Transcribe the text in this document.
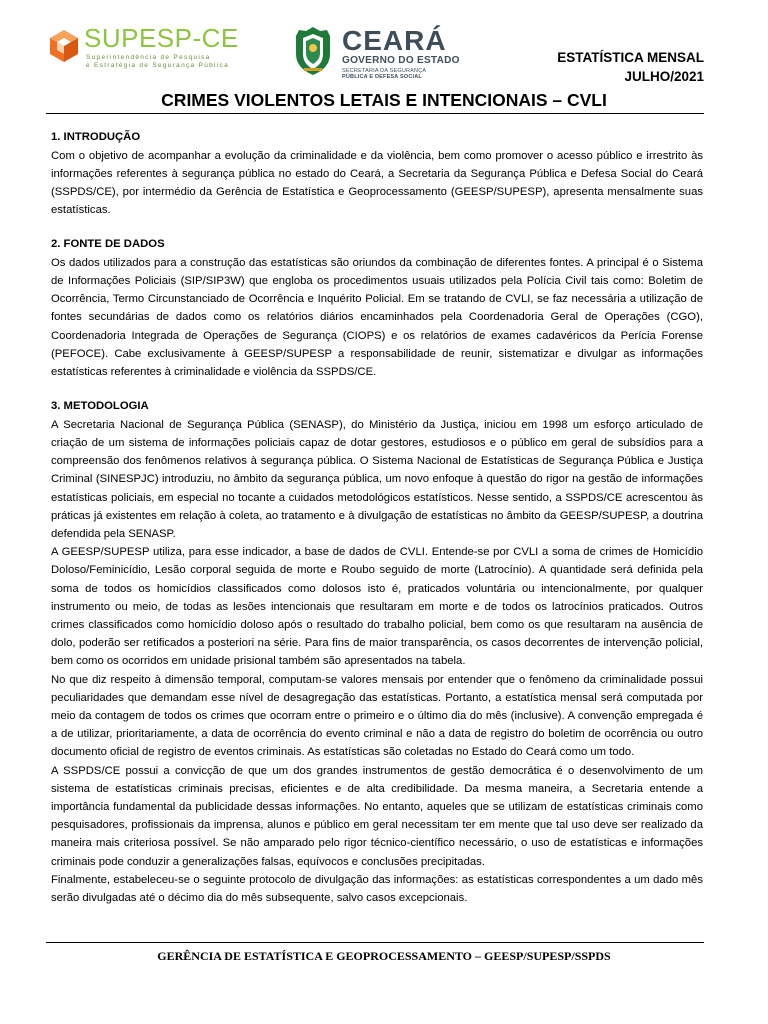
SUPESP-CE
Superintendência de Pesquisa
e Estratégia de Segurança Pública
CEARÁ
GOVERNO DO ESTADO
SECRETARIA DA SEGURANÇA
PÚBLICA E DEFESA SOCIAL
ESTATÍSTICA MENSAL
JULHO/2021
CRIMES VIOLENTOS LETAIS E INTENCIONAIS – CVLI

1. INTRODUÇÃO

Com o objetivo de acompanhar a evolução da criminalidade e da violência, bem como promover o acesso público e irrestrito às informações referentes à segurança pública no estado do Ceará, a Secretaria da Segurança Pública e Defesa Social do Ceará (SSPDS/CE), por intermédio da Gerência de Estatística e Geoprocessamento (GEESP/SUPESP), apresenta mensalmente suas estatísticas.

2. FONTE DE DADOS

Os dados utilizados para a construção das estatísticas são oriundos da combinação de diferentes fontes. A principal é o Sistema de Informações Policiais (SIP/SIP3W) que engloba os procedimentos usuais utilizados pela Polícia Civil tais como: Boletim de Ocorrência, Termo Circunstanciado de Ocorrência e Inquérito Policial. Em se tratando de CVLI, se faz necessária a utilização de fontes secundárias de dados como os relatórios diários encaminhados pela Coordenadoria Geral de Operações (CGO), Coordenadoria Integrada de Operações de Segurança (CIOPS) e os relatórios de exames cadavéricos da Perícia Forense (PEFOCE). Cabe exclusivamente à GEESP/SUPESP a responsabilidade de reunir, sistematizar e divulgar as informações estatísticas referentes à criminalidade e violência da SSPDS/CE.

3. METODOLOGIA

A Secretaria Nacional de Segurança Pública (SENASP), do Ministério da Justiça, iniciou em 1998 um esforço articulado de criação de um sistema de informações policiais capaz de dotar gestores, estudiosos e o público em geral de subsídios para a compreensão dos fenômenos relativos à segurança pública. O Sistema Nacional de Estatísticas de Segurança Pública e Justiça Criminal (SINESPJC) introduziu, no âmbito da segurança pública, um novo enfoque à questão do rigor na gestão de informações estatísticas policiais, em especial no tocante a cuidados metodológicos estatísticos. Nesse sentido, a SSPDS/CE acrescentou às práticas já existentes em relação à coleta, ao tratamento e à divulgação de estatísticas no âmbito da GEESP/SUPESP, a doutrina defendida pela SENASP.

A GEESP/SUPESP utiliza, para esse indicador, a base de dados de CVLI. Entende-se por CVLI a soma de crimes de Homicídio Doloso/Feminicídio, Lesão corporal seguida de morte e Roubo seguido de morte (Latrocínio). A quantidade será definida pela soma de todos os homicídios classificados como dolosos isto é, praticados voluntária ou intencionalmente, por qualquer instrumento ou meio, de todas as lesões intencionais que resultaram em morte e de todos os latrocínios praticados. Outros crimes classificados como homicídio doloso após o resultado do trabalho policial, bem como os que resultaram na ausência de dolo, poderão ser retificados a posteriori na série. Para fins de maior transparência, os casos decorrentes de intervenção policial, bem como os ocorridos em unidade prisional também são apresentados na tabela.

No que diz respeito à dimensão temporal, computam-se valores mensais por entender que o fenômeno da criminalidade possui peculiaridades que demandam esse nível de desagregação das estatísticas. Portanto, a estatística mensal será computada por meio da contagem de todos os crimes que ocorram entre o primeiro e o último dia do mês (inclusive). A convenção empregada é a de utilizar, prioritariamente, a data de ocorrência do evento criminal e não a data de registro do boletim de ocorrência ou outro documento oficial de registro de eventos criminais. As estatísticas são coletadas no Estado do Ceará como um todo.

A SSPDS/CE possui a convicção de que um dos grandes instrumentos de gestão democrática é o desenvolvimento de um sistema de estatísticas criminais precisas, eficientes e de alta credibilidade. Da mesma maneira, a Secretaria entende a importância fundamental da publicidade dessas informações. No entanto, aqueles que se utilizam de estatísticas criminais como pesquisadores, profissionais da imprensa, alunos e público em geral necessitam ter em mente que tal uso deve ser realizado da maneira mais criteriosa possível. Se não amparado pelo rigor técnico-científico necessário, o uso de estatísticas e informações criminais pode conduzir a generalizações falsas, equívocos e conclusões precipitadas.

Finalmente, estabeleceu-se o seguinte protocolo de divulgação das informações: as estatísticas correspondentes a um dado mês serão divulgadas até o décimo dia do mês subsequente, salvo casos excepcionais.

GERÊNCIA DE ESTATÍSTICA E GEOPROCESSAMENTO – GEESP/SUPESP/SSPDS
